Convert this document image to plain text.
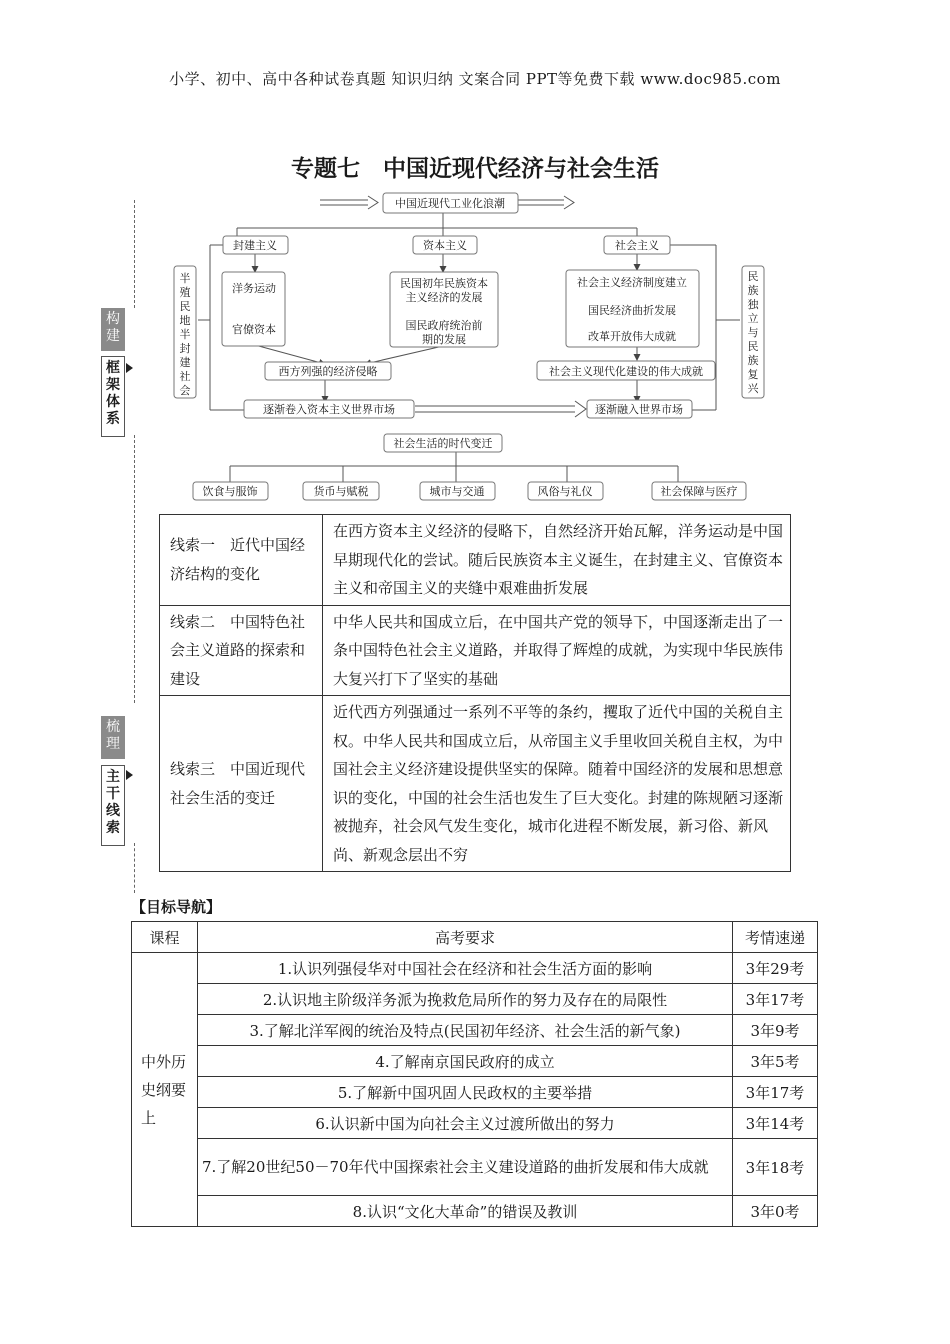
小学、初中、高中各种试卷真题 知识归纳 文案合同 PPT等免费下载 www.doc985.com
专题七　中国近现代经济与社会生活
构建
框架体系
梳理
主干线索
中国近现代工业化浪潮
封建主义	资本主义	社会主义
半殖民地半封建社会
民族独立与民族复兴
洋务运动
官僚资本
民国初年民族资本主义经济的发展
国民政府统治前期的发展
社会主义经济制度建立
国民经济曲折发展
改革开放伟大成就
西方列强的经济侵略	社会主义现代化建设的伟大成就
逐渐卷入资本主义世界市场	逐渐融入世界市场
社会生活的时代变迁
饮食与服饰	货币与赋税	城市与交通	风俗与礼仪	社会保障与医疗
线索一　近代中国经济结构的变化	在西方资本主义经济的侵略下，自然经济开始瓦解，洋务运动是中国早期现代化的尝试。随后民族资本主义诞生，在封建主义、官僚资本主义和帝国主义的夹缝中艰难曲折发展
线索二　中国特色社会主义道路的探索和建设	中华人民共和国成立后，在中国共产党的领导下，中国逐渐走出了一条中国特色社会主义道路，并取得了辉煌的成就，为实现中华民族伟大复兴打下了坚实的基础
线索三　中国近现代社会生活的变迁	近代西方列强通过一系列不平等的条约，攫取了近代中国的关税自主权。中华人民共和国成立后，从帝国主义手里收回关税自主权，为中国社会主义经济建设提供坚实的保障。随着中国经济的发展和思想意识的变化，中国的社会生活也发生了巨大变化。封建的陈规陋习逐渐被抛弃，社会风气发生变化，城市化进程不断发展，新习俗、新风尚、新观念层出不穷
【目标导航】
课程	高考要求	考情速递
中外历史纲要上	1.认识列强侵华对中国社会在经济和社会生活方面的影响	3年29考
	2.认识地主阶级洋务派为挽救危局所作的努力及存在的局限性	3年17考
	3.了解北洋军阀的统治及特点(民国初年经济、社会生活的新气象)	3年9考
	4.了解南京国民政府的成立	3年5考
	5.了解新中国巩固人民政权的主要举措	3年17考
	6.认识新中国为向社会主义过渡所做出的努力	3年14考
	7.了解20世纪50－70年代中国探索社会主义建设道路的曲折发展和伟大成就	3年18考
	8.认识“文化大革命”的错误及教训	3年0考
